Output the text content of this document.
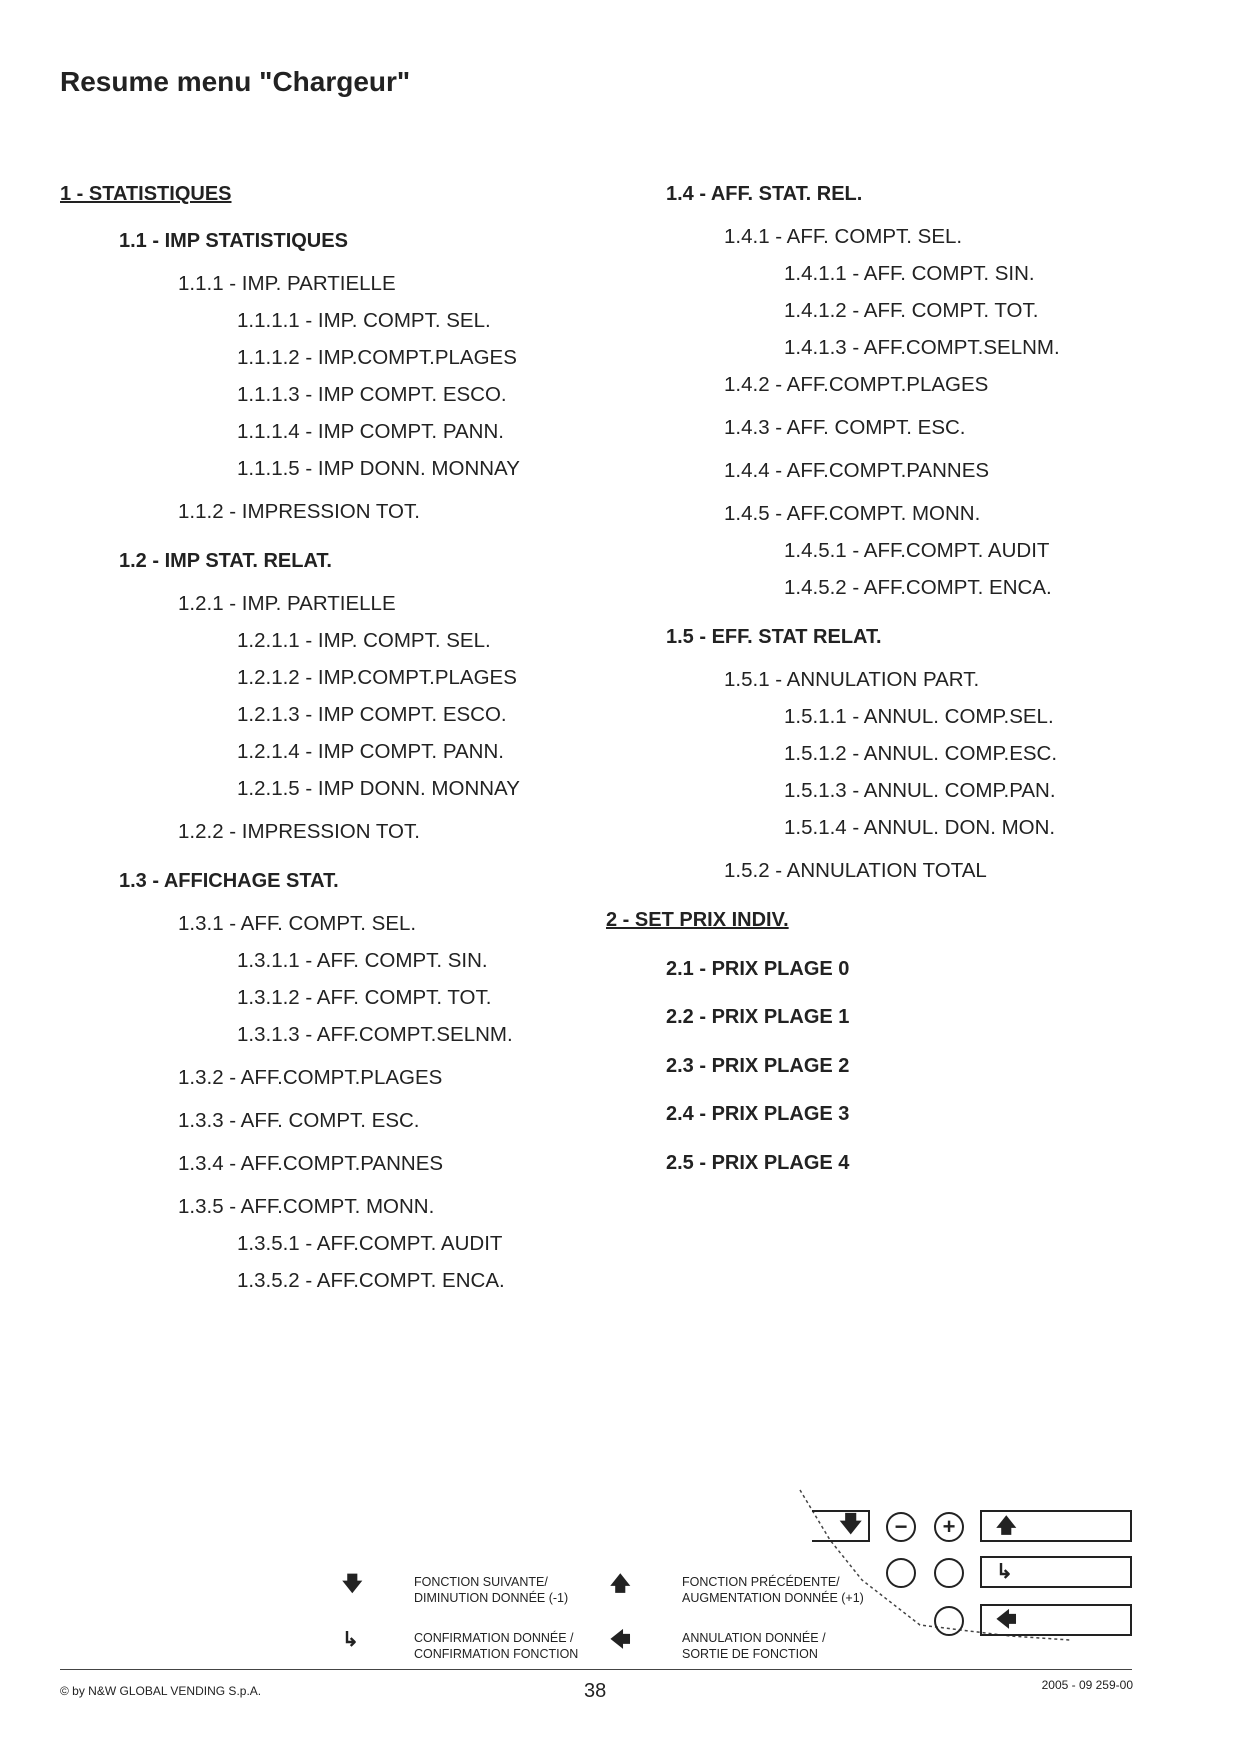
Resume menu "Chargeur"
1 - STATISTIQUES
1.1 - IMP STATISTIQUES
1.1.1 - IMP. PARTIELLE
1.1.1.1 - IMP. COMPT. SEL.
1.1.1.2 - IMP.COMPT.PLAGES
1.1.1.3 - IMP COMPT. ESCO.
1.1.1.4 - IMP COMPT. PANN.
1.1.1.5 - IMP DONN. MONNAY
1.1.2 - IMPRESSION TOT.
1.2 - IMP STAT. RELAT.
1.2.1 - IMP. PARTIELLE
1.2.1.1 - IMP. COMPT. SEL.
1.2.1.2 - IMP.COMPT.PLAGES
1.2.1.3 - IMP COMPT. ESCO.
1.2.1.4 - IMP COMPT. PANN.
1.2.1.5 - IMP DONN. MONNAY
1.2.2 - IMPRESSION TOT.
1.3 - AFFICHAGE STAT.
1.3.1 - AFF. COMPT. SEL.
1.3.1.1 - AFF. COMPT. SIN.
1.3.1.2 - AFF. COMPT. TOT.
1.3.1.3 - AFF.COMPT.SELNM.
1.3.2 - AFF.COMPT.PLAGES
1.3.3 - AFF. COMPT. ESC.
1.3.4 - AFF.COMPT.PANNES
1.3.5 - AFF.COMPT. MONN.
1.3.5.1 - AFF.COMPT. AUDIT
1.3.5.2 - AFF.COMPT. ENCA.
1.4 - AFF. STAT. REL.
1.4.1 - AFF. COMPT. SEL.
1.4.1.1 - AFF. COMPT. SIN.
1.4.1.2 - AFF. COMPT. TOT.
1.4.1.3 - AFF.COMPT.SELNM.
1.4.2 - AFF.COMPT.PLAGES
1.4.3 - AFF. COMPT. ESC.
1.4.4 - AFF.COMPT.PANNES
1.4.5 - AFF.COMPT. MONN.
1.4.5.1 - AFF.COMPT. AUDIT
1.4.5.2 - AFF.COMPT. ENCA.
1.5 - EFF. STAT RELAT.
1.5.1 - ANNULATION PART.
1.5.1.1 - ANNUL. COMP.SEL.
1.5.1.2 - ANNUL. COMP.ESC.
1.5.1.3 - ANNUL. COMP.PAN.
1.5.1.4 - ANNUL. DON. MON.
1.5.2 - ANNULATION TOTAL
2 - SET PRIX INDIV.
2.1 - PRIX PLAGE 0
2.2 - PRIX PLAGE 1
2.3 - PRIX PLAGE 2
2.4 - PRIX PLAGE 3
2.5 - PRIX PLAGE 4
🡇	− +	🡅
↳
🡄
🡇	FONCTION SUIVANTE/
DIMINUTION DONNÉE (-1)
🡅	FONCTION PRÉCÉDENTE/
AUGMENTATION DONNÉE (+1)
↳	CONFIRMATION DONNÉE /
CONFIRMATION FONCTION
🡄	ANNULATION DONNÉE /
SORTIE DE FONCTION
© by N&W GLOBAL VENDING S.p.A.	38	2005 - 09 259-00
